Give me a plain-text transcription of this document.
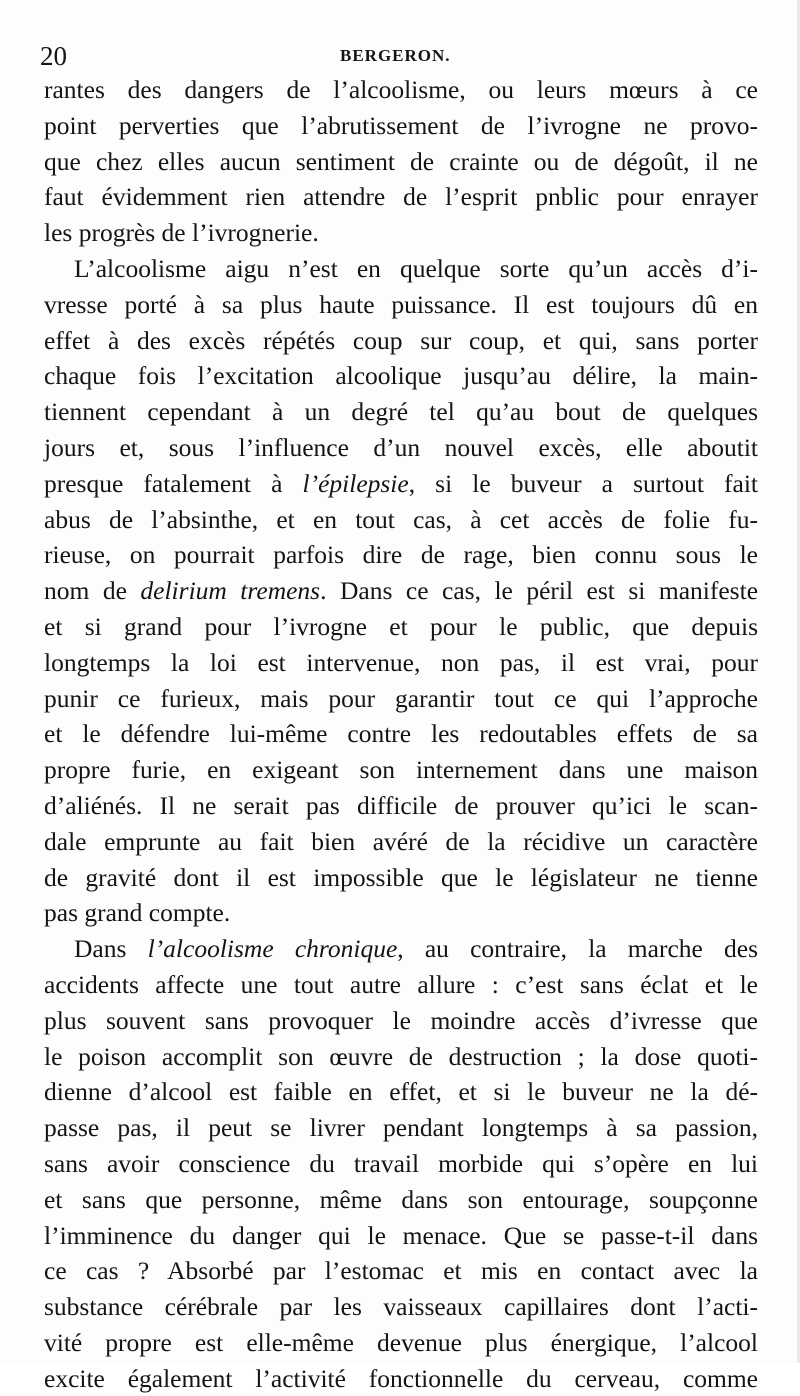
20	BERGERON.

rantes des dangers de l’alcoolisme, ou leurs mœurs à ce
point perverties que l’abrutissement de l’ivrogne ne provo-
que chez elles aucun sentiment de crainte ou de dégoût, il ne
faut évidemment rien attendre de l’esprit pnblic pour enrayer
les progrès de l’ivrognerie.

L’alcoolisme aigu n’est en quelque sorte qu’un accès d’i-
vresse porté à sa plus haute puissance. Il est toujours dû en
effet à des excès répétés coup sur coup, et qui, sans porter
chaque fois l’excitation alcoolique jusqu’au délire, la main-
tiennent cependant à un degré tel qu’au bout de quelques
jours et, sous l’influence d’un nouvel excès, elle aboutit
presque fatalement à l’épilepsie, si le buveur a surtout fait
abus de l’absinthe, et en tout cas, à cet accès de folie fu-
rieuse, on pourrait parfois dire de rage, bien connu sous le
nom de delirium tremens. Dans ce cas, le péril est si manifeste
et si grand pour l’ivrogne et pour le public, que depuis
longtemps la loi est intervenue, non pas, il est vrai, pour
punir ce furieux, mais pour garantir tout ce qui l’approche
et le défendre lui-même contre les redoutables effets de sa
propre furie, en exigeant son internement dans une maison
d’aliénés. Il ne serait pas difficile de prouver qu’ici le scan-
dale emprunte au fait bien avéré de la récidive un caractère
de gravité dont il est impossible que le législateur ne tienne
pas grand compte.

Dans l’alcoolisme chronique, au contraire, la marche des
accidents affecte une tout autre allure : c’est sans éclat et le
plus souvent sans provoquer le moindre accès d’ivresse que
le poison accomplit son œuvre de destruction ; la dose quoti-
dienne d’alcool est faible en effet, et si le buveur ne la dé-
passe pas, il peut se livrer pendant longtemps à sa passion,
sans avoir conscience du travail morbide qui s’opère en lui
et sans que personne, même dans son entourage, soupçonne
l’imminence du danger qui le menace. Que se passe-t-il dans
ce cas ? Absorbé par l’estomac et mis en contact avec la
substance cérébrale par les vaisseaux capillaires dont l’acti-
vité propre est elle-même devenue plus énergique, l’alcool
excite également l’activité fonctionnelle du cerveau, comme
